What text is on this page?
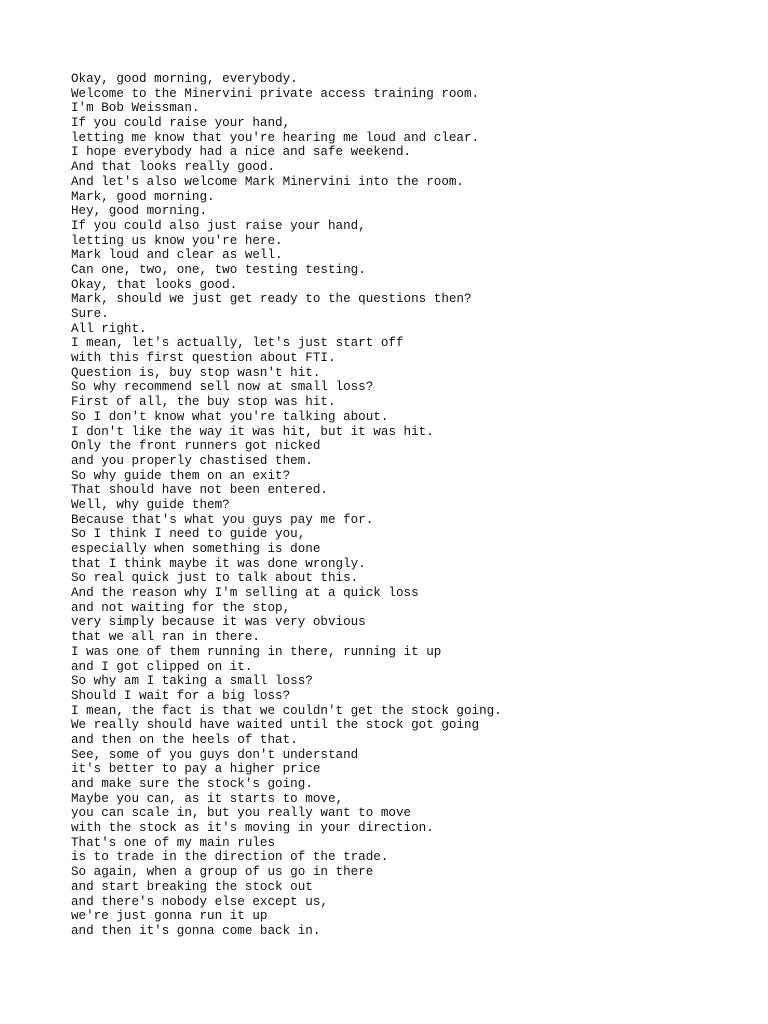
Okay, good morning, everybody.
Welcome to the Minervini private access training room.
I'm Bob Weissman.
If you could raise your hand,
letting me know that you're hearing me loud and clear.
I hope everybody had a nice and safe weekend.
And that looks really good.
And let's also welcome Mark Minervini into the room.
Mark, good morning.
Hey, good morning.
If you could also just raise your hand,
letting us know you're here.
Mark loud and clear as well.
Can one, two, one, two testing testing.
Okay, that looks good.
Mark, should we just get ready to the questions then?
Sure.
All right.
I mean, let's actually, let's just start off
with this first question about FTI.
Question is, buy stop wasn't hit.
So why recommend sell now at small loss?
First of all, the buy stop was hit.
So I don't know what you're talking about.
I don't like the way it was hit, but it was hit.
Only the front runners got nicked
and you properly chastised them.
So why guide them on an exit?
That should have not been entered.
Well, why guide them?
Because that's what you guys pay me for.
So I think I need to guide you,
especially when something is done
that I think maybe it was done wrongly.
So real quick just to talk about this.
And the reason why I'm selling at a quick loss
and not waiting for the stop,
very simply because it was very obvious
that we all ran in there.
I was one of them running in there, running it up
and I got clipped on it.
So why am I taking a small loss?
Should I wait for a big loss?
I mean, the fact is that we couldn't get the stock going.
We really should have waited until the stock got going
and then on the heels of that.
See, some of you guys don't understand
it's better to pay a higher price
and make sure the stock's going.
Maybe you can, as it starts to move,
you can scale in, but you really want to move
with the stock as it's moving in your direction.
That's one of my main rules
is to trade in the direction of the trade.
So again, when a group of us go in there
and start breaking the stock out
and there's nobody else except us,
we're just gonna run it up
and then it's gonna come back in.
